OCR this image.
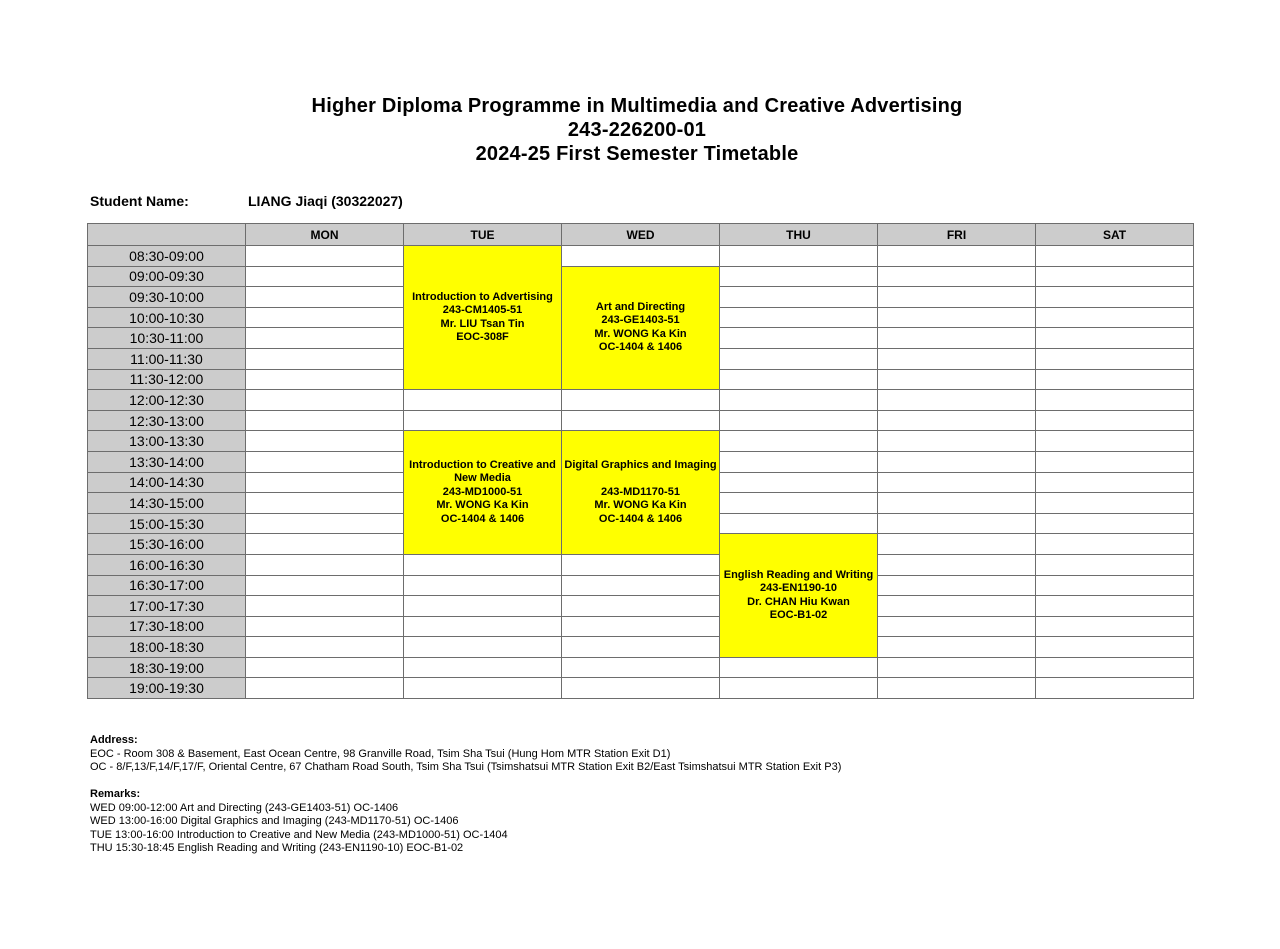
Higher Diploma Programme in Multimedia and Creative Advertising
243-226200-01
2024-25 First Semester Timetable
Student Name:	LIANG Jiaqi (30322027)
	MON	TUE	WED	THU	FRI	SAT
08:30-09:00		Introduction to Advertising
243-CM1405-51
Mr. LIU Tsan Tin
EOC-308F				

09:00-09:30			Art and Directing
243-GE1403-51
Mr. WONG Ka Kin
OC-1404 & 1406			

09:30-10:00						
10:00-10:30						
10:30-11:00						
11:00-11:30						
11:30-12:00						
12:00-12:30						
12:30-13:00						
13:00-13:30		Introduction to Creative and New Media
243-MD1000-51
Mr. WONG Ka Kin
OC-1404 & 1406	Digital Graphics and Imaging

243-MD1170-51
Mr. WONG Ka Kin
OC-1404 & 1406			

13:30-14:00						
14:00-14:30						
14:30-15:00						
15:00-15:30						
15:30-16:00				English Reading and Writing
243-EN1190-10
Dr. CHAN Hiu Kwan
EOC-B1-02		

16:00-16:30						
16:30-17:00						
17:00-17:30						
17:30-18:00						
18:00-18:30						
18:30-19:00						
19:00-19:30						
Address:
EOC - Room 308 & Basement, East Ocean Centre, 98 Granville Road, Tsim Sha Tsui (Hung Hom MTR Station Exit D1)
OC - 8/F,13/F,14/F,17/F, Oriental Centre, 67 Chatham Road South, Tsim Sha Tsui (Tsimshatsui MTR Station Exit B2/East Tsimshatsui MTR Station Exit P3)
Remarks:
WED 09:00-12:00 Art and Directing (243-GE1403-51) OC-1406
WED 13:00-16:00 Digital Graphics and Imaging (243-MD1170-51) OC-1406
TUE 13:00-16:00 Introduction to Creative and New Media (243-MD1000-51) OC-1404
THU 15:30-18:45 English Reading and Writing (243-EN1190-10) EOC-B1-02
